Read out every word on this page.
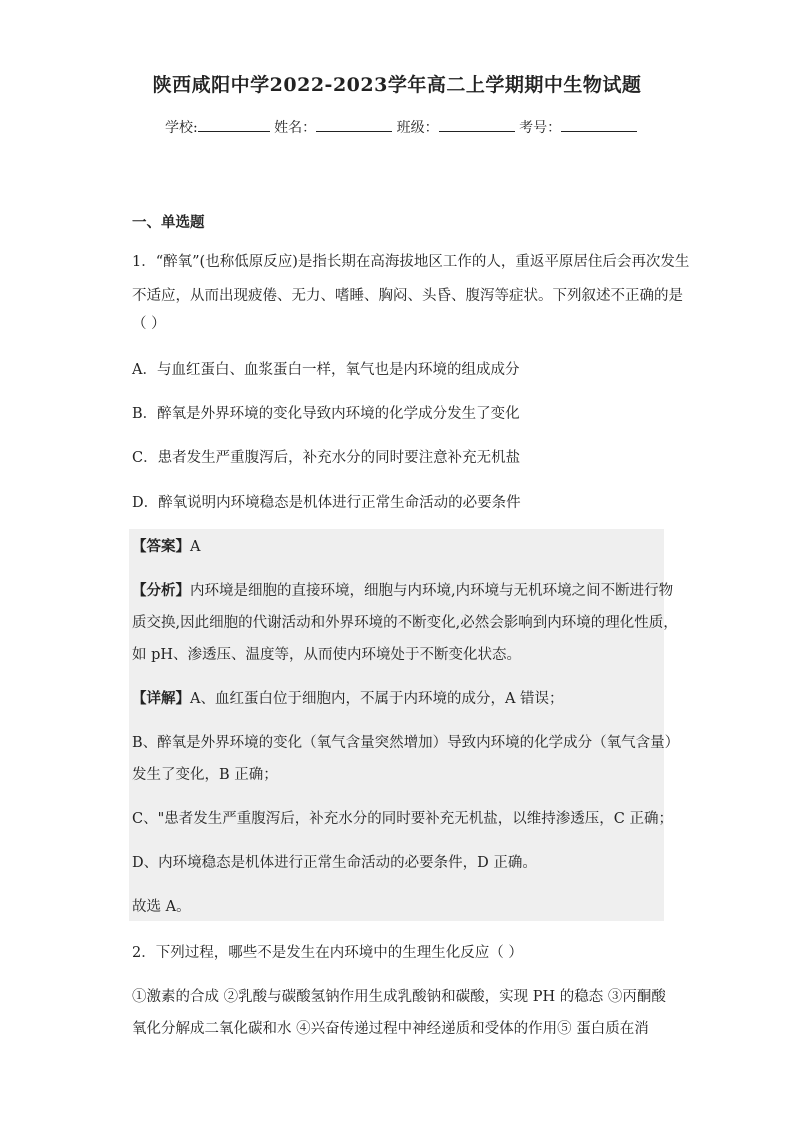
陕西咸阳中学2022-2023学年高二上学期期中生物试题
学校:	姓名：	班级：	考号：
一、单选题
1．“醉氧”(也称低原反应)是指长期在高海拔地区工作的人，重返平原居住后会再次发生
不适应，从而出现疲倦、无力、嗜睡、胸闷、头昏、腹泻等症状。下列叙述不正确的是
（ ）
A．与血红蛋白、血浆蛋白一样，氧气也是内环境的组成成分
B．醉氧是外界环境的变化导致内环境的化学成分发生了变化
C．患者发生严重腹泻后，补充水分的同时要注意补充无机盐
D．醉氧说明内环境稳态是机体进行正常生命活动的必要条件
【答案】A
【分析】内环境是细胞的直接环境，细胞与内环境,内环境与无机环境之间不断进行物
质交换,因此细胞的代谢活动和外界环境的不断变化,必然会影响到内环境的理化性质，
如 pH、渗透压、温度等，从而使内环境处于不断变化状态。
【详解】A、血红蛋白位于细胞内，不属于内环境的成分，A 错误；
B、醉氧是外界环境的变化（氧气含量突然增加）导致内环境的化学成分（氧气含量）
发生了变化，B 正确；
C、"患者发生严重腹泻后，补充水分的同时要补充无机盐，以维持渗透压，C 正确；
D、内环境稳态是机体进行正常生命活动的必要条件，D 正确。
故选 A。
2．下列过程，哪些不是发生在内环境中的生理生化反应（ ）
①激素的合成 ②乳酸与碳酸氢钠作用生成乳酸钠和碳酸，实现 PH 的稳态 ③丙酮酸
氧化分解成二氧化碳和水 ④兴奋传递过程中神经递质和受体的作用⑤ 蛋白质在消
